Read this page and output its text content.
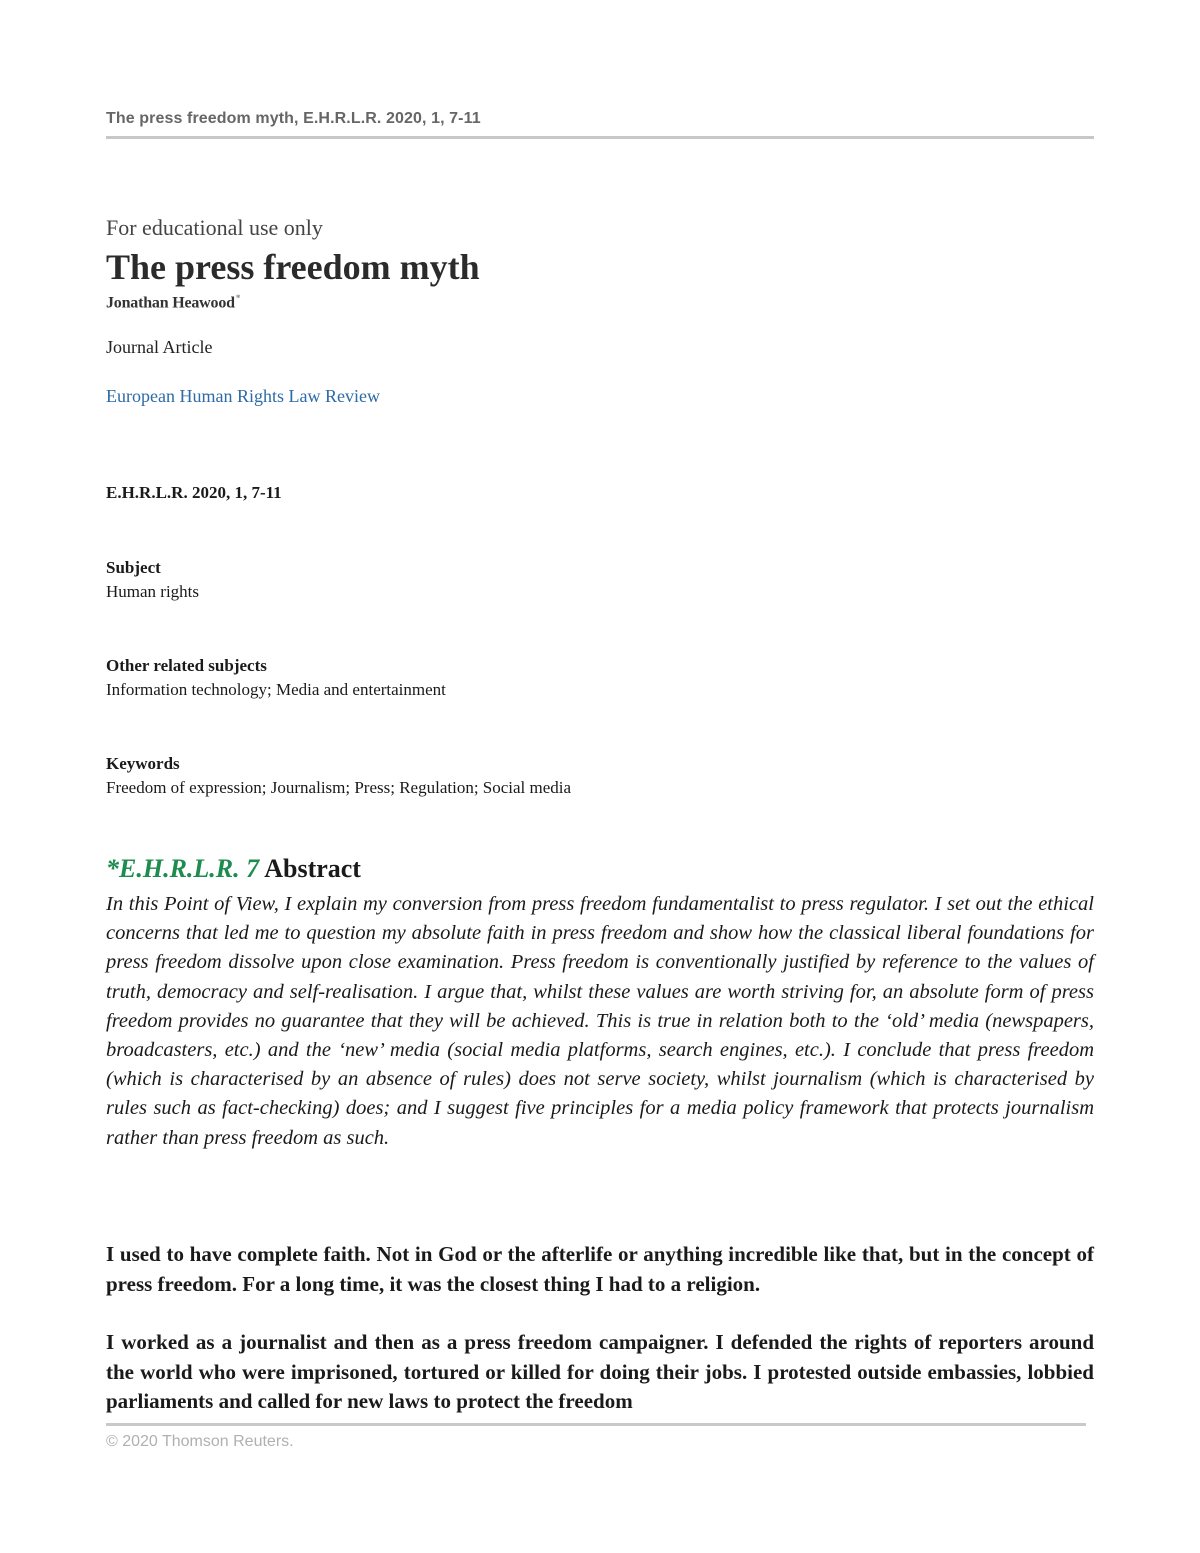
The press freedom myth, E.H.R.L.R. 2020, 1, 7-11
For educational use only
The press freedom myth
Jonathan Heawood*
Journal Article
European Human Rights Law Review
E.H.R.L.R. 2020, 1, 7-11
Subject
Human rights
Other related subjects
Information technology; Media and entertainment
Keywords
Freedom of expression; Journalism; Press; Regulation; Social media
*E.H.R.L.R. 7 Abstract

In this Point of View, I explain my conversion from press freedom fundamentalist to press regulator. I set out the ethical concerns that led me to question my absolute faith in press freedom and show how the classical liberal foundations for press freedom dissolve upon close examination. Press freedom is conventionally justified by reference to the values of truth, democracy and self-realisation. I argue that, whilst these values are worth striving for, an absolute form of press freedom provides no guarantee that they will be achieved. This is true in relation both to the ‘old’ media (newspapers, broadcasters, etc.) and the ‘new’ media (social media platforms, search engines, etc.). I conclude that press freedom (which is characterised by an absence of rules) does not serve society, whilst journalism (which is characterised by rules such as fact-checking) does; and I suggest five principles for a media policy framework that protects journalism rather than press freedom as such.

I used to have complete faith. Not in God or the afterlife or anything incredible like that, but in the concept of press freedom. For a long time, it was the closest thing I had to a religion.

I worked as a journalist and then as a press freedom campaigner. I defended the rights of reporters around the world who were imprisoned, tortured or killed for doing their jobs. I protested outside embassies, lobbied parliaments and called for new laws to protect the freedom

© 2020 Thomson Reuters.
